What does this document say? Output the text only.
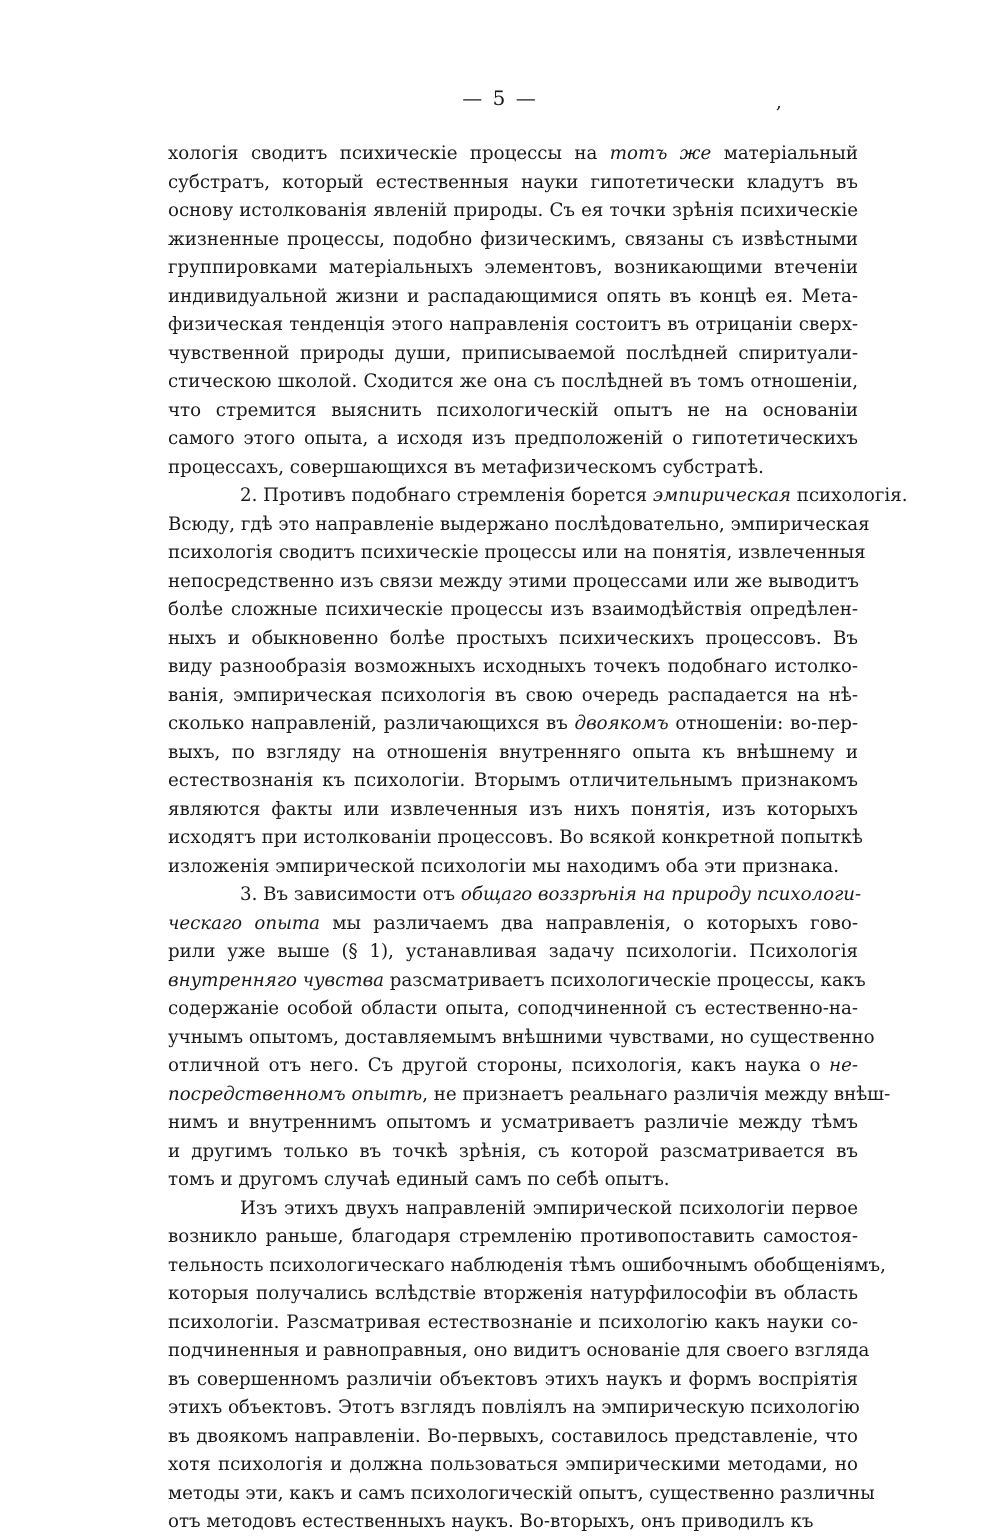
— 5 —	,
хологія сводитъ психическіе процессы на тотъ же матеріальный
субстратъ, который естественныя науки гипотетически кладутъ въ
основу истолкованія явленій природы. Съ ея точки зрѣнія психическіе
жизненные процессы, подобно физическимъ, связаны съ извѣстными
группировками матеріальныхъ элементовъ, возникающими втеченіи
индивидуальной жизни и распадающимися опять въ концѣ ея. Мета-
физическая тенденція этого направленія состоитъ въ отрицаніи сверх-
чувственной природы души, приписываемой послѣдней спиритуали-
стическою школой. Сходится же она съ послѣдней въ томъ отношеніи,
что стремится выяснить психологическій опытъ не на основаніи
самого этого опыта, а исходя изъ предположеній о гипотетическихъ
процессахъ, совершающихся въ метафизическомъ субстратѣ.
2. Противъ подобнаго стремленія борется эмпирическая психологія.
Всюду, гдѣ это направленіе выдержано послѣдовательно, эмпирическая
психологія сводитъ психическіе процессы или на понятія, извлеченныя
непосредственно изъ связи между этими процессами или же выводитъ
болѣе сложные психическіе процессы изъ взаимодѣйствія опредѣлен-
ныхъ и обыкновенно болѣе простыхъ психическихъ процессовъ. Въ
виду разнообразія возможныхъ исходныхъ точекъ подобнаго истолко-
ванія, эмпирическая психологія въ свою очередь распадается на нѣ-
сколько направленій, различающихся въ двоякомъ отношеніи: во-пер-
выхъ, по взгляду на отношенія внутренняго опыта къ внѣшнему и
естествознанія къ психологіи. Вторымъ отличительнымъ признакомъ
являются факты или извлеченныя изъ нихъ понятія, изъ которыхъ
исходятъ при истолкованіи процессовъ. Во всякой конкретной попыткѣ
изложенія эмпирической психологіи мы находимъ оба эти признака.
3. Въ зависимости отъ общаго воззрѣнія на природу психологи-
ческаго опыта мы различаемъ два направленія, о которыхъ гово-
рили уже выше (§ 1), устанавливая задачу психологіи. Психологія
внутренняго чувства разсматриваетъ психологическіе процессы, какъ
содержаніе особой области опыта, соподчиненной съ естественно-на-
учнымъ опытомъ, доставляемымъ внѣшними чувствами, но существенно
отличной отъ него. Съ другой стороны, психологія, какъ наука о не-
посредственномъ опытѣ, не признаетъ реальнаго различія между внѣш-
нимъ и внутреннимъ опытомъ и усматриваетъ различіе между тѣмъ
и другимъ только въ точкѣ зрѣнія, съ которой разсматривается въ
томъ и другомъ случаѣ единый самъ по себѣ опытъ.
Изъ этихъ двухъ направленій эмпирической психологіи первое
возникло раньше, благодаря стремленію противопоставить самостоя-
тельность психологическаго наблюденія тѣмъ ошибочнымъ обобщеніямъ,
которыя получались вслѣдствіе вторженія натурфилософіи въ область
психологіи. Разсматривая естествознаніе и психологію какъ науки со-
подчиненныя и равноправныя, оно видитъ основаніе для своего взгляда
въ совершенномъ различіи объектовъ этихъ наукъ и формъ воспріятія
этихъ объектовъ. Этотъ взглядъ повліялъ на эмпирическую психологію
въ двоякомъ направленіи. Во-первыхъ, составилось представленіе, что
хотя психологія и должна пользоваться эмпирическими методами, но
методы эти, какъ и самъ психологическій опытъ, существенно различны
отъ методовъ естественныхъ наукъ. Во-вторыхъ, онъ приводилъ къ
